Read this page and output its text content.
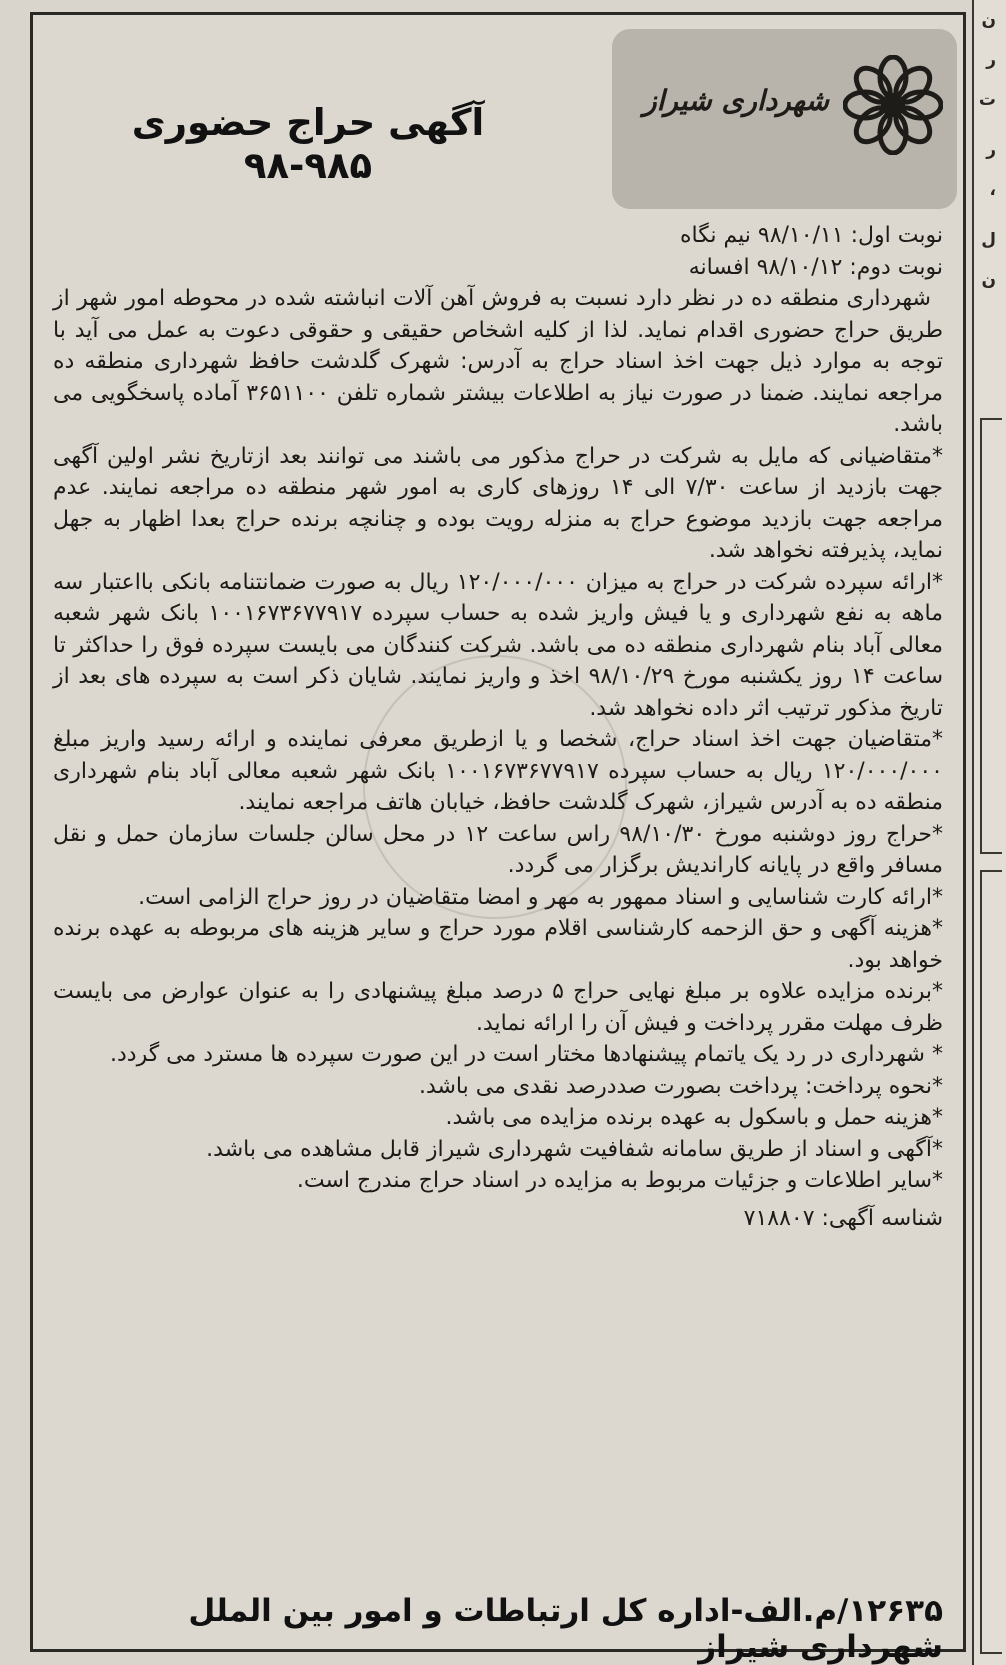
ن
ر
ت
ر
،
ل
ن
شهرداری شیراز
آگهی حراج حضوری ۹۸۵-۹۸

نوبت اول: ۹۸/۱۰/۱۱ نیم نگاه

نوبت دوم: ۹۸/۱۰/۱۲ افسانه

شهرداری منطقه ده در نظر دارد نسبت به فروش آهن آلات انباشته شده در محوطه امور شهر از طریق حراج حضوری اقدام نماید. لذا از کلیه اشخاص حقیقی و حقوقی دعوت به عمل می آید با توجه به موارد ذیل جهت اخذ اسناد حراج به آدرس: شهرک گلدشت حافظ شهرداری منطقه ده مراجعه نمایند. ضمنا در صورت نیاز به اطلاعات بیشتر شماره تلفن ۳۶۵۱۱۰۰ آماده پاسخگویی می باشد.

*متقاضیانی که مایل به شرکت در حراج مذکور می باشند می توانند بعد ازتاریخ نشر اولین آگهی جهت بازدید از ساعت ۷/۳۰ الی ۱۴ روزهای کاری به امور شهر منطقه ده مراجعه نمایند. عدم مراجعه جهت بازدید موضوع حراج به منزله رویت بوده و چنانچه برنده حراج بعدا اظهار به جهل نماید، پذیرفته نخواهد شد.

*ارائه سپرده شرکت در حراج به میزان ۱۲۰/۰۰۰/۰۰۰ ریال به صورت ضمانتنامه بانکی بااعتبار سه ماهه به نفع شهرداری و یا فیش واریز شده به حساب سپرده ۱۰۰۱۶۷۳۶۷۷۹۱۷ بانک شهر شعبه معالی آباد بنام شهرداری منطقه ده می باشد. شرکت کنندگان می بایست سپرده فوق را حداکثر تا ساعت ۱۴ روز یکشنبه مورخ ۹۸/۱۰/۲۹ اخذ و واریز نمایند. شایان ذکر است به سپرده های بعد از تاریخ مذکور ترتیب اثر داده نخواهد شد.

*متقاضیان جهت اخذ اسناد حراج، شخصا و یا ازطریق معرفی نماینده و ارائه رسید واریز مبلغ ۱۲۰/۰۰۰/۰۰۰ ریال به حساب سپرده ۱۰۰۱۶۷۳۶۷۷۹۱۷ بانک شهر شعبه معالی آباد بنام شهرداری منطقه ده به آدرس شیراز، شهرک گلدشت حافظ، خیابان هاتف مراجعه نمایند.

*حراج روز دوشنبه مورخ ۹۸/۱۰/۳۰ راس ساعت ۱۲ در محل سالن جلسات سازمان حمل و نقل مسافر واقع در پایانه کاراندیش برگزار می گردد.

*ارائه کارت شناسایی و اسناد ممهور به مهر و امضا متقاضیان در روز حراج الزامی است.

*هزینه آگهی و حق الزحمه کارشناسی اقلام مورد حراج و سایر هزینه های مربوطه به عهده برنده خواهد بود.

*برنده مزایده علاوه بر مبلغ نهایی حراج ۵ درصد مبلغ پیشنهادی را به عنوان عوارض می بایست ظرف مهلت مقرر پرداخت و فیش آن را ارائه نماید.

* شهرداری در رد یک یاتمام پیشنهادها مختار است در این صورت سپرده ها مسترد می گردد.

*نحوه پرداخت: پرداخت بصورت صددرصد نقدی می باشد.

*هزینه حمل و باسکول به عهده برنده مزایده می باشد.

*آگهی و اسناد از طریق سامانه شفافیت شهرداری شیراز قابل مشاهده می باشد.

*سایر اطلاعات و جزئیات مربوط به مزایده در اسناد حراج مندرج است.

شناسه آگهی: ۷۱۸۸۰۷

۱۲۶۳۵/م.الف-اداره کل ارتباطات و امور بین الملل شهرداری شیراز
